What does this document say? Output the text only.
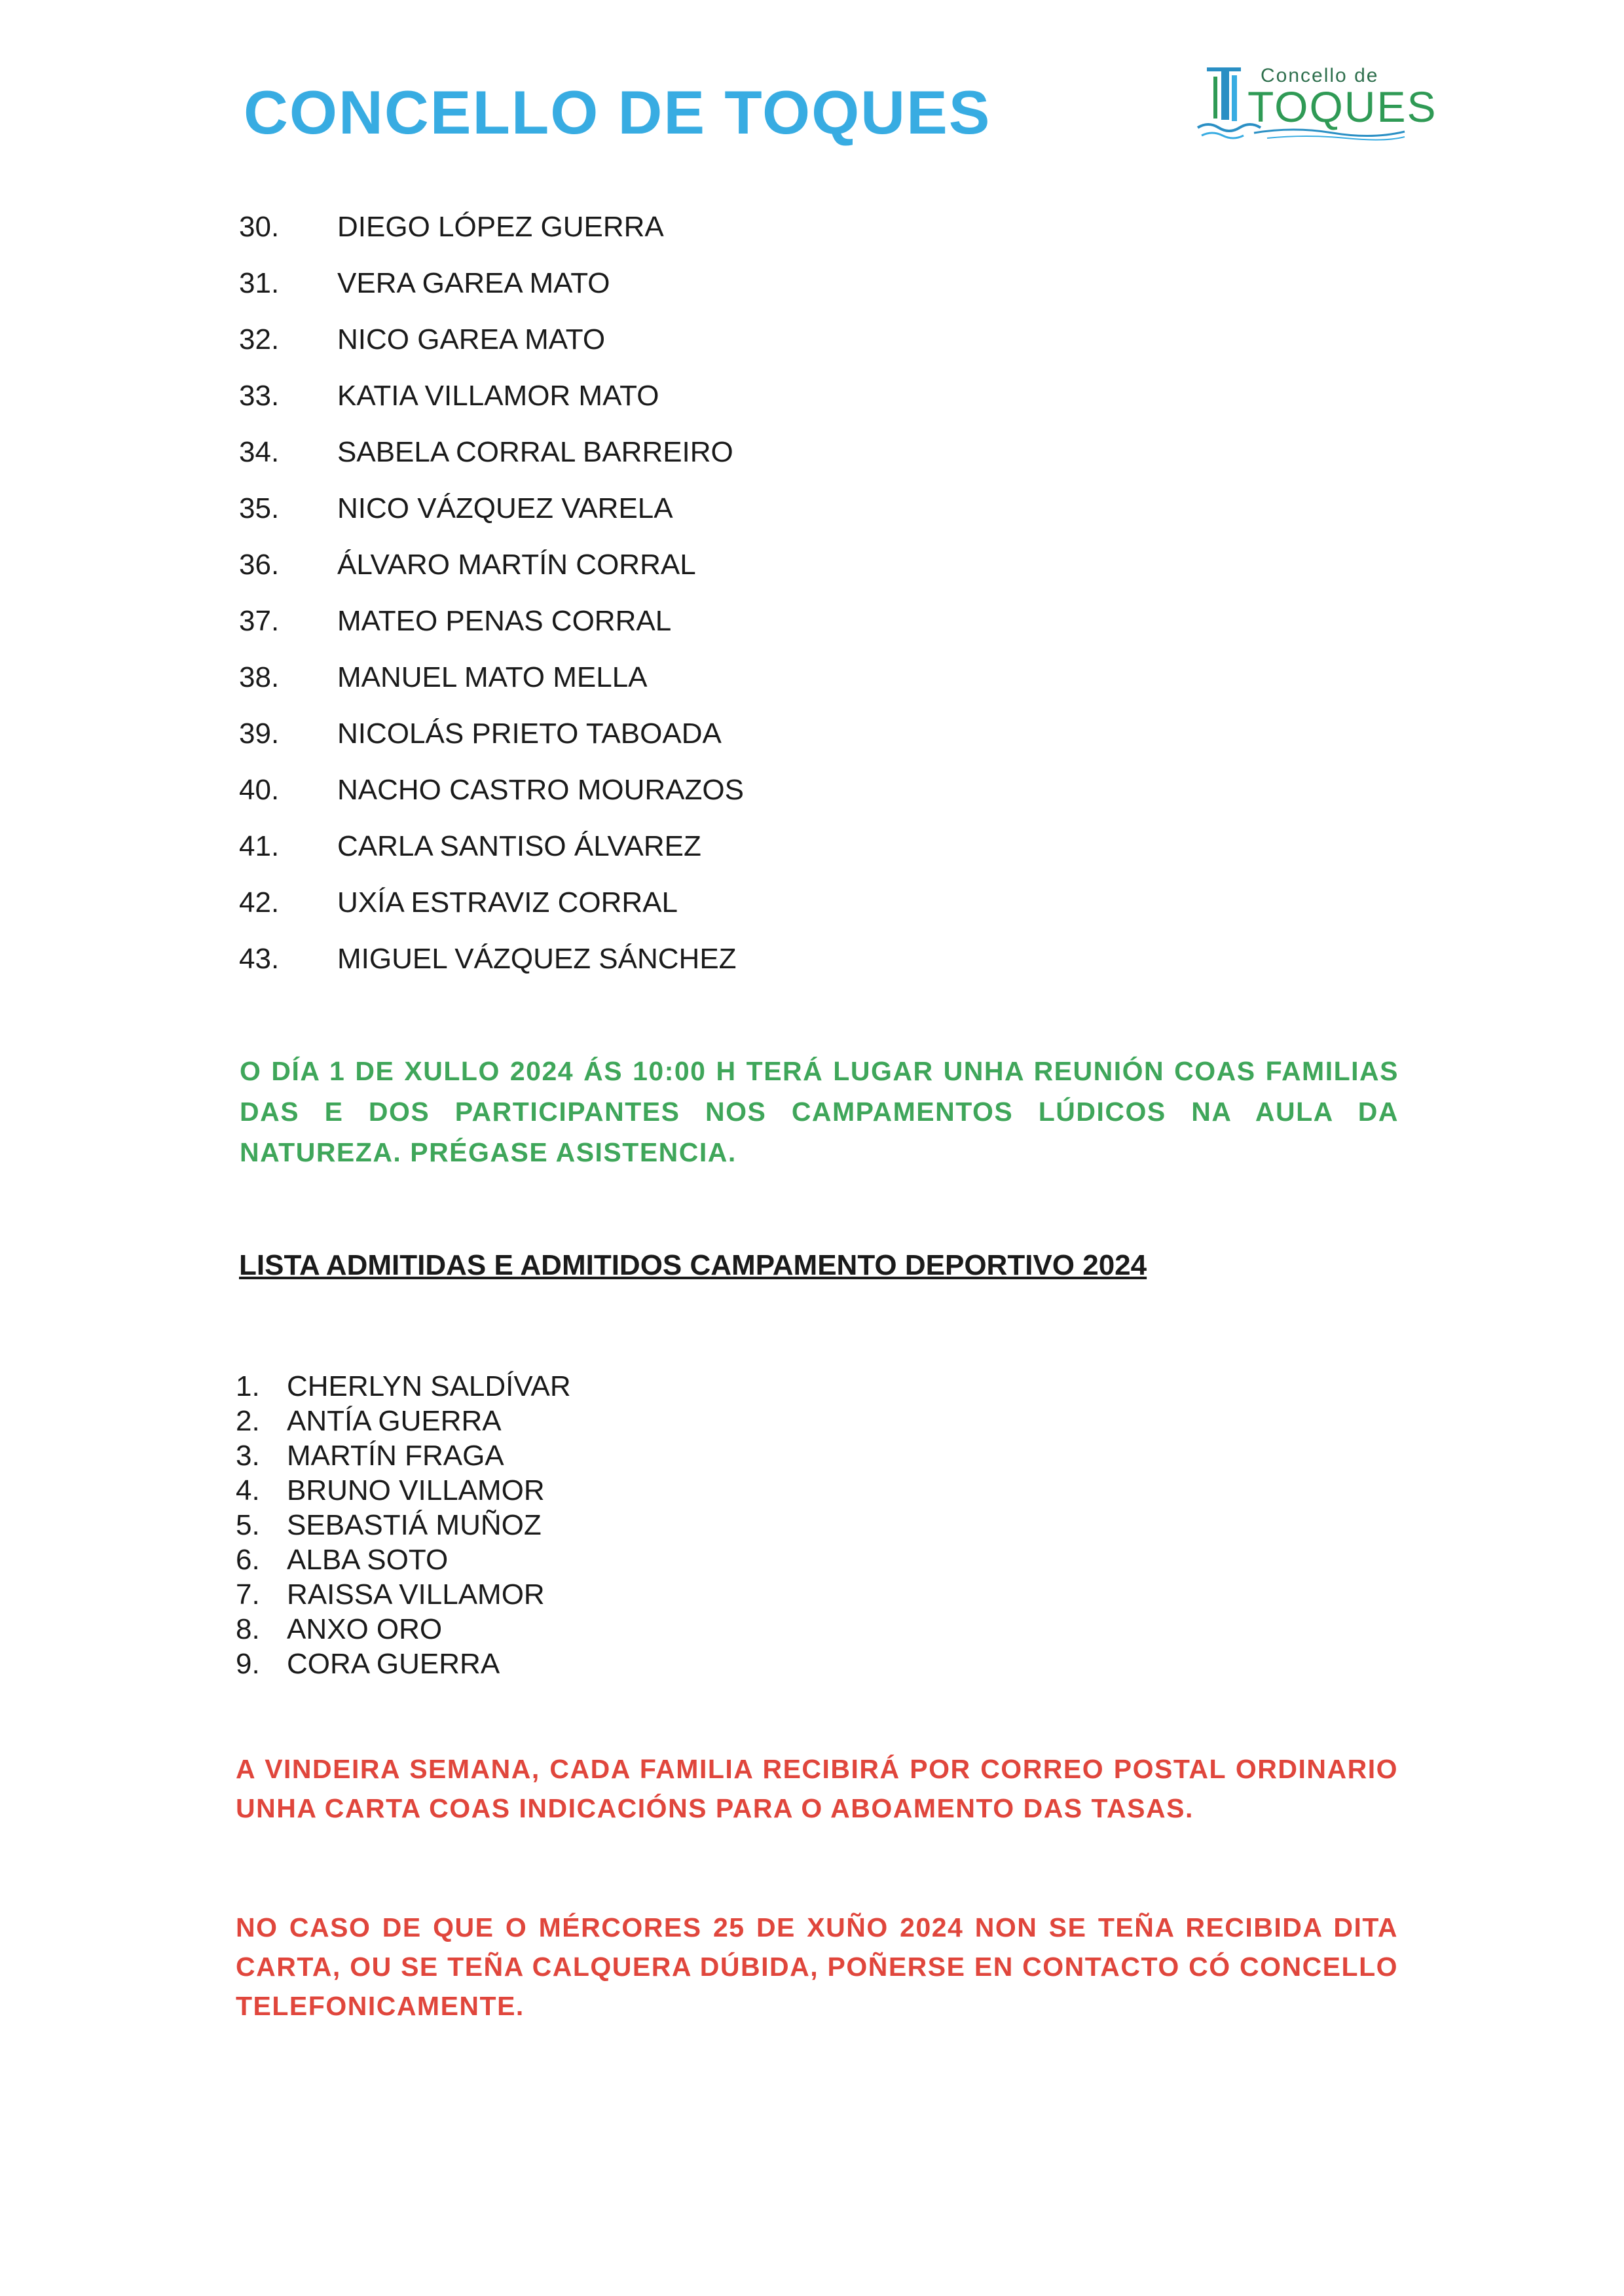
CONCELLO DE TOQUES
Concello de
TOQUES
30. DIEGO LÓPEZ GUERRA
31. VERA GAREA MATO
32. NICO GAREA MATO
33. KATIA VILLAMOR MATO
34. SABELA CORRAL BARREIRO
35. NICO VÁZQUEZ VARELA
36. ÁLVARO MARTÍN CORRAL
37. MATEO PENAS CORRAL
38. MANUEL MATO MELLA
39. NICOLÁS PRIETO TABOADA
40. NACHO CASTRO MOURAZOS
41. CARLA SANTISO ÁLVAREZ
42. UXÍA ESTRAVIZ CORRAL
43. MIGUEL VÁZQUEZ SÁNCHEZ
O DÍA 1 DE XULLO 2024 ÁS 10:00 H TERÁ LUGAR UNHA REUNIÓN COAS FAMILIAS DAS E DOS PARTICIPANTES NOS CAMPAMENTOS LÚDICOS NA AULA DA NATUREZA. PRÉGASE ASISTENCIA.
LISTA ADMITIDAS E ADMITIDOS CAMPAMENTO DEPORTIVO 2024
1. CHERLYN SALDÍVAR
2. ANTÍA GUERRA
3. MARTÍN FRAGA
4. BRUNO VILLAMOR
5. SEBASTIÁ MUÑOZ
6. ALBA SOTO
7. RAISSA VILLAMOR
8. ANXO ORO
9. CORA GUERRA
A VINDEIRA SEMANA, CADA FAMILIA RECIBIRÁ POR CORREO POSTAL ORDINARIO UNHA CARTA COAS INDICACIÓNS PARA O ABOAMENTO DAS TASAS.
NO CASO DE QUE O MÉRCORES 25 DE XUÑO 2024 NON SE TEÑA RECIBIDA DITA CARTA, OU SE TEÑA CALQUERA DÚBIDA, POÑERSE EN CONTACTO CÓ CONCELLO TELEFONICAMENTE.
